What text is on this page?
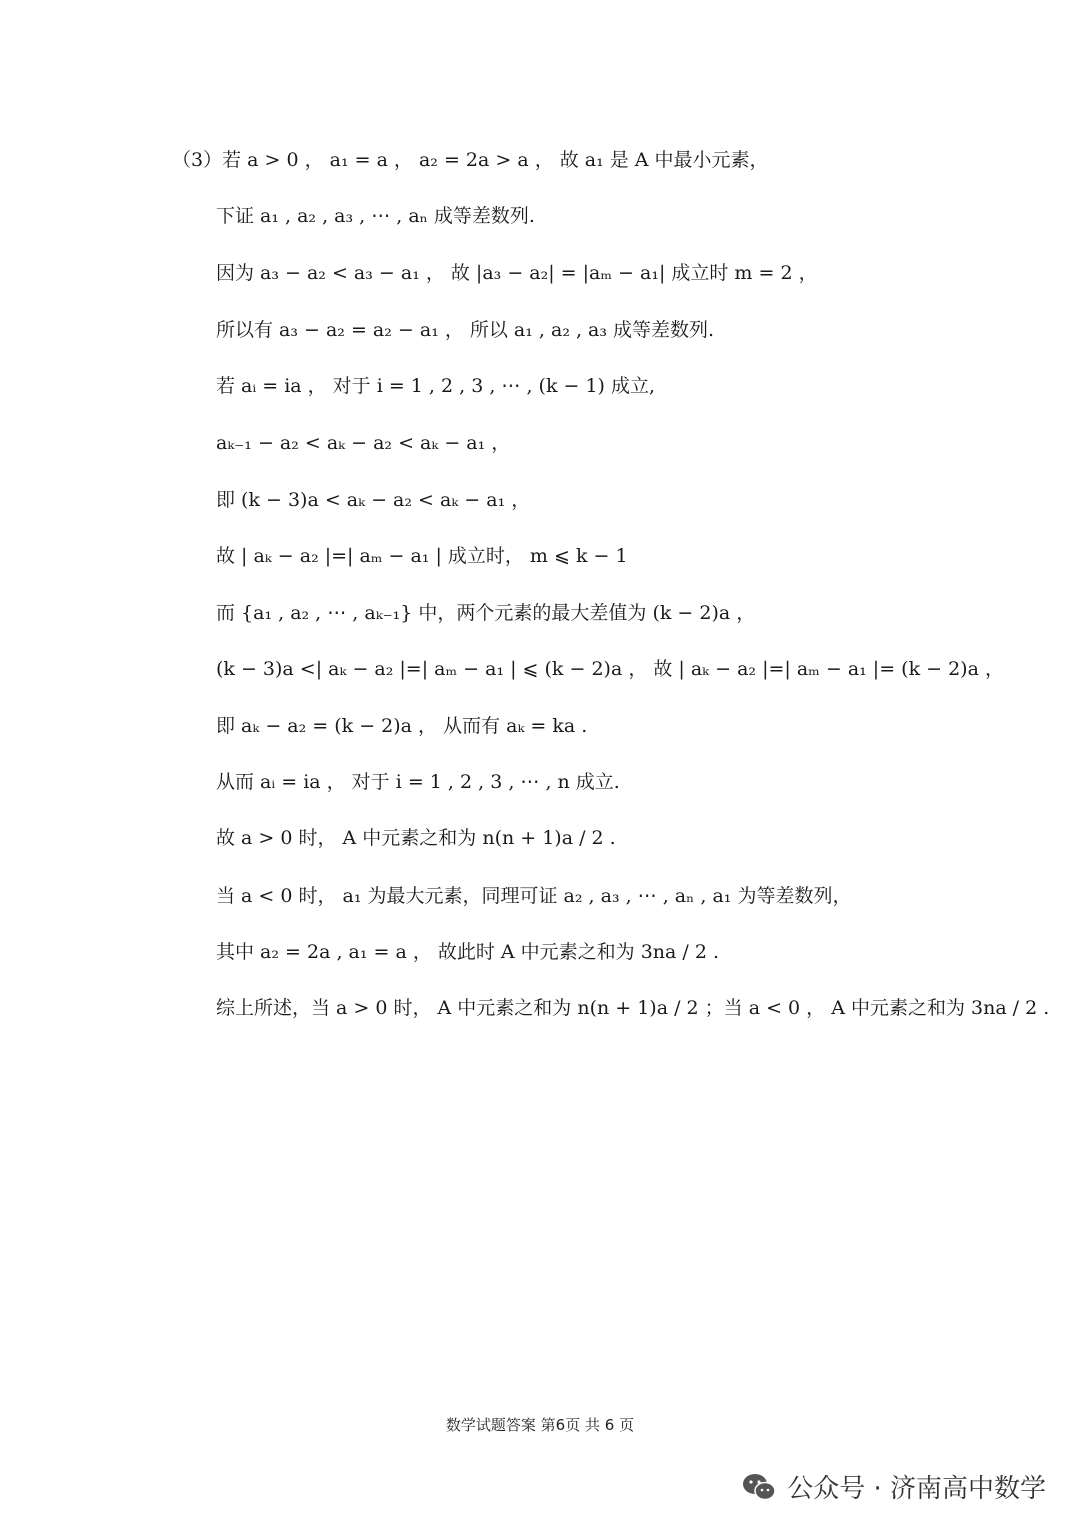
（3）若 a > 0 ， a₁ = a ， a₂ = 2a > a ， 故 a₁ 是 A 中最小元素，
下证 a₁ , a₂ , a₃ , ⋯ , aₙ 成等差数列.
因为 a₃ − a₂ < a₃ − a₁ ， 故 |a₃ − a₂| = |aₘ − a₁| 成立时 m = 2 ，
所以有 a₃ − a₂ = a₂ − a₁ ， 所以 a₁ , a₂ , a₃ 成等差数列.
若 aᵢ = ia ， 对于 i = 1 , 2 , 3 , ⋯ , (k − 1) 成立,
aₖ₋₁ − a₂ < aₖ − a₂ < aₖ − a₁ ，
即 (k − 3)a < aₖ − a₂ < aₖ − a₁ ，
故 | aₖ − a₂ |=| aₘ − a₁ | 成立时， m ⩽ k − 1
而 {a₁ , a₂ , ⋯ , aₖ₋₁} 中，两个元素的最大差值为 (k − 2)a ，
(k − 3)a <| aₖ − a₂ |=| aₘ − a₁ | ⩽ (k − 2)a ， 故 | aₖ − a₂ |=| aₘ − a₁ |= (k − 2)a ，
即 aₖ − a₂ = (k − 2)a ， 从而有 aₖ = ka .
从而 aᵢ = ia ， 对于 i = 1 , 2 , 3 , ⋯ , n 成立.
故 a > 0 时， A 中元素之和为 n(n + 1)a / 2 .
当 a < 0 时， a₁ 为最大元素，同理可证 a₂ , a₃ , ⋯ , aₙ , a₁ 为等差数列，
其中 a₂ = 2a , a₁ = a ， 故此时 A 中元素之和为 3na / 2 .
综上所述，当 a > 0 时， A 中元素之和为 n(n + 1)a / 2 ；当 a < 0 ， A 中元素之和为 3na / 2 .
数学试题答案 第6页 共 6 页
公众号 · 济南高中数学
